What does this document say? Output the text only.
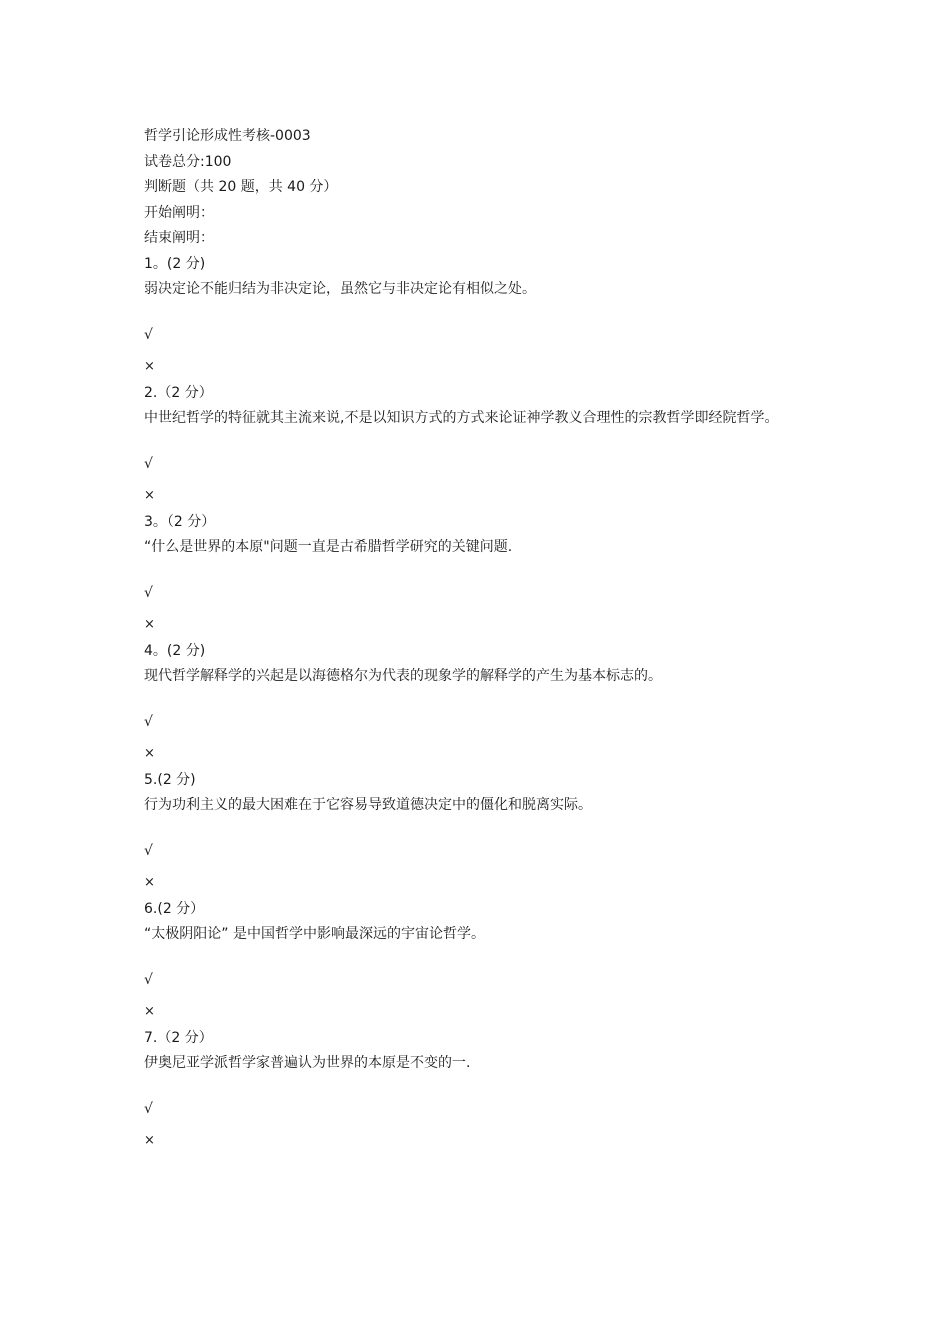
哲学引论形成性考核-0003
试卷总分:100
判断题（共 20 题，共 40 分）
开始阐明：
结束阐明：
1。(2 分)
弱决定论不能归结为非决定论，虽然它与非决定论有相似之处。
√
×
2.（2 分）
中世纪哲学的特征就其主流来说,不是以知识方式的方式来论证神学教义合理性的宗教哲学即经院哲学。
√
×
3。（2 分）
“什么是世界的本原"问题一直是古希腊哲学研究的关键问题.
√
×
4。(2 分)
现代哲学解释学的兴起是以海德格尔为代表的现象学的解释学的产生为基本标志的。
√
×
5.(2 分)
行为功利主义的最大困难在于它容易导致道德决定中的僵化和脱离实际。
√
×
6.(2 分）
“太极阴阳论” 是中国哲学中影响最深远的宇宙论哲学。
√
×
7.（2 分）
伊奥尼亚学派哲学家普遍认为世界的本原是不变的一.
√
×
